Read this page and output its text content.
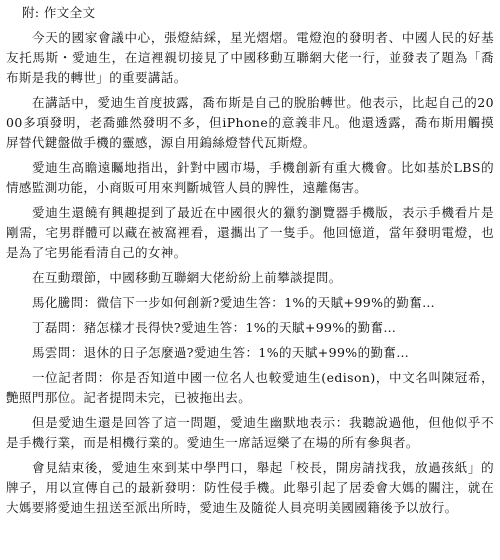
附: 作文全文

今天的國家會議中心，張燈結綵，星光熠熠。電燈泡的發明者、中國人民的好基友托馬斯・愛迪生，在這裡親切接見了中國移動互聯網大佬一行，並發表了題為「喬布斯是我的轉世」的重要講話。

在講話中，愛迪生首度披露，喬布斯是自己的脫胎轉世。他表示，比起自己的2000多項發明，老喬雖然發明不多，但iPhone的意義非凡。他還透露，喬布斯用觸摸屏替代鍵盤做手機的靈感，源自用鎢絲燈替代瓦斯燈。

愛迪生高瞻遠矚地指出，針對中國市場，手機創新有重大機會。比如基於LBS的情感監測功能，小商販可用來判斷城管人員的脾性，遠離傷害。

愛迪生還饒有興趣提到了最近在中國很火的獵豹瀏覽器手機版，表示手機看片是剛需，宅男群體可以藏在被窩裡看，還攜出了一隻手。他回憶道，當年發明電燈，也是為了宅男能看清自己的女神。

在互動環節，中國移動互聯網大佬紛紛上前攀談提問。

馬化騰問：微信下一步如何創新?愛迪生答：1%的天賦+99%的勤奮…

丁磊問：豬怎樣才長得快?愛迪生答：1%的天賦+99%的勤奮…

馬雲問：退休的日子怎麼過?愛迪生答：1%的天賦+99%的勤奮…

一位記者問：你是否知道中國一位名人也較愛迪生(edison)，中文名叫陳冠希，艷照門那位。記者提問未完，已被拖出去。

但是愛迪生還是回答了這一問題，愛迪生幽默地表示：我聽說過他，但他似乎不是手機行業，而是相機行業的。愛迪生一席話逗樂了在場的所有參與者。

會見結束後，愛迪生來到某中學門口，舉起「校長，開房請找我，放過孩紙」的牌子，用以宣傳自己的最新發明：防性侵手機。此舉引起了居委會大媽的關注，就在大媽要將愛迪生扭送至派出所時，愛迪生及隨從人員亮明美國國籍後予以放行。
